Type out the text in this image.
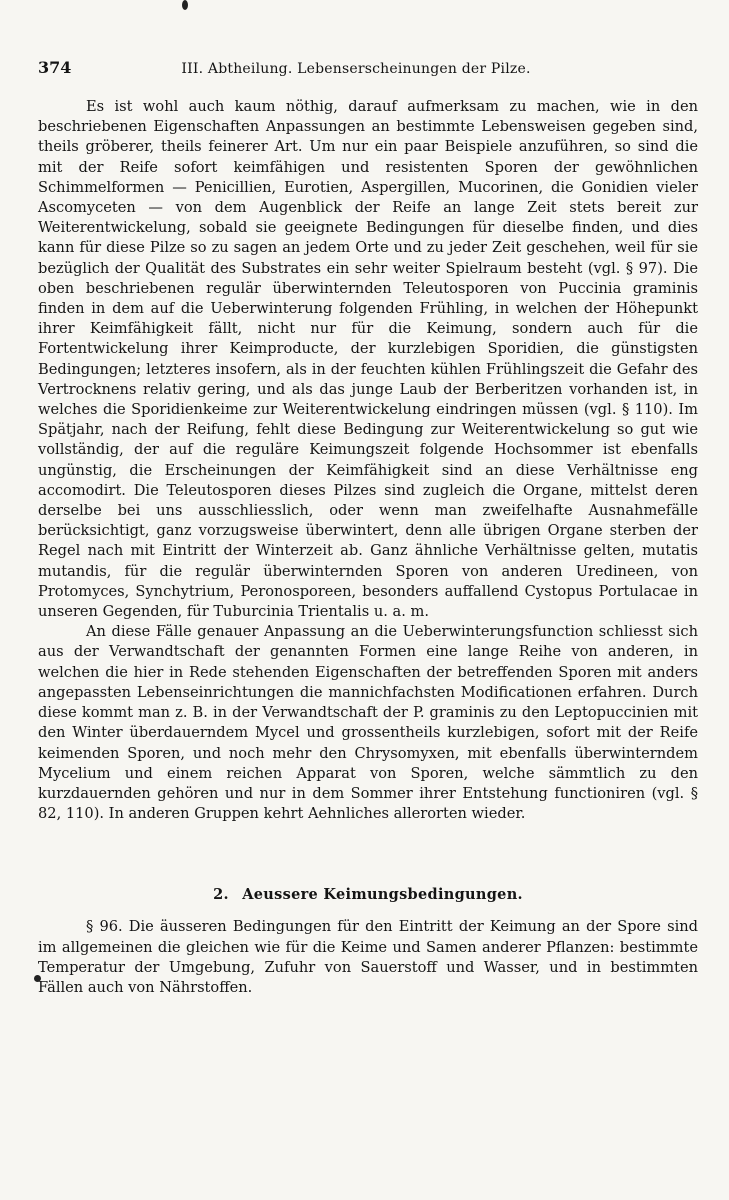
374	III. Abtheilung. Lebenserscheinungen der Pilze.

Es ist wohl auch kaum nöthig, darauf aufmerksam zu machen, wie in den beschriebenen Eigenschaften Anpassungen an bestimmte Lebensweisen gegeben sind, theils gröberer, theils feinerer Art. Um nur ein paar Beispiele anzuführen, so sind die mit der Reife sofort keimfähigen und resistenten Sporen der gewöhnlichen Schimmelformen — Penicillien, Eurotien, Aspergillen, Mucorinen, die Gonidien vieler Ascomyceten — von dem Augenblick der Reife an lange Zeit stets bereit zur Weiterentwickelung, sobald sie geeignete Bedingungen für dieselbe finden, und dies kann für diese Pilze so zu sagen an jedem Orte und zu jeder Zeit geschehen, weil für sie bezüglich der Qualität des Substrates ein sehr weiter Spielraum besteht (vgl. § 97). Die oben beschriebenen regulär überwinternden Teleutosporen von Puccinia graminis finden in dem auf die Ueberwinterung folgenden Frühling, in welchen der Höhepunkt ihrer Keimfähigkeit fällt, nicht nur für die Keimung, sondern auch für die Fortentwickelung ihrer Keimproducte, der kurzlebigen Sporidien, die günstigsten Bedingungen; letzteres insofern, als in der feuchten kühlen Frühlingszeit die Gefahr des Vertrocknens relativ gering, und als das junge Laub der Berberitzen vorhanden ist, in welches die Sporidienkeime zur Weiterentwickelung eindringen müssen (vgl. § 110). Im Spätjahr, nach der Reifung, fehlt diese Bedingung zur Weiterentwickelung so gut wie vollständig, der auf die reguläre Keimungszeit folgende Hochsommer ist ebenfalls ungünstig, die Erscheinungen der Keimfähigkeit sind an diese Verhältnisse eng accomodirt. Die Teleutosporen dieses Pilzes sind zugleich die Organe, mittelst deren derselbe bei uns ausschliesslich, oder wenn man zweifelhafte Ausnahmefälle berücksichtigt, ganz vorzugsweise überwintert, denn alle übrigen Organe sterben der Regel nach mit Eintritt der Winterzeit ab. Ganz ähnliche Verhältnisse gelten, mutatis mutandis, für die regulär überwinternden Sporen von anderen Uredineen, von Protomyces, Synchytrium, Peronosporeen, besonders auffallend Cystopus Portulacae in unseren Gegenden, für Tuburcinia Trientalis u. a. m.

An diese Fälle genauer Anpassung an die Ueberwinterungsfunction schliesst sich aus der Verwandtschaft der genannten Formen eine lange Reihe von anderen, in welchen die hier in Rede stehenden Eigenschaften der betreffenden Sporen mit anders angepassten Lebenseinrichtungen die mannichfachsten Modificationen erfahren. Durch diese kommt man z. B. in der Verwandtschaft der P. graminis zu den Leptopuccinien mit den Winter überdauerndem Mycel und grossentheils kurzlebigen, sofort mit der Reife keimenden Sporen, und noch mehr den Chrysomyxen, mit ebenfalls überwinterndem Mycelium und einem reichen Apparat von Sporen, welche sämmtlich zu den kurzdauernden gehören und nur in dem Sommer ihrer Entstehung functioniren (vgl. § 82, 110). In anderen Gruppen kehrt Aehnliches allerorten wieder.

2. Aeussere Keimungsbedingungen.

§ 96. Die äusseren Bedingungen für den Eintritt der Keimung an der Spore sind im allgemeinen die gleichen wie für die Keime und Samen anderer Pflanzen: bestimmte Temperatur der Umgebung, Zufuhr von Sauerstoff und Wasser, und in bestimmten Fällen auch von Nährstoffen.
